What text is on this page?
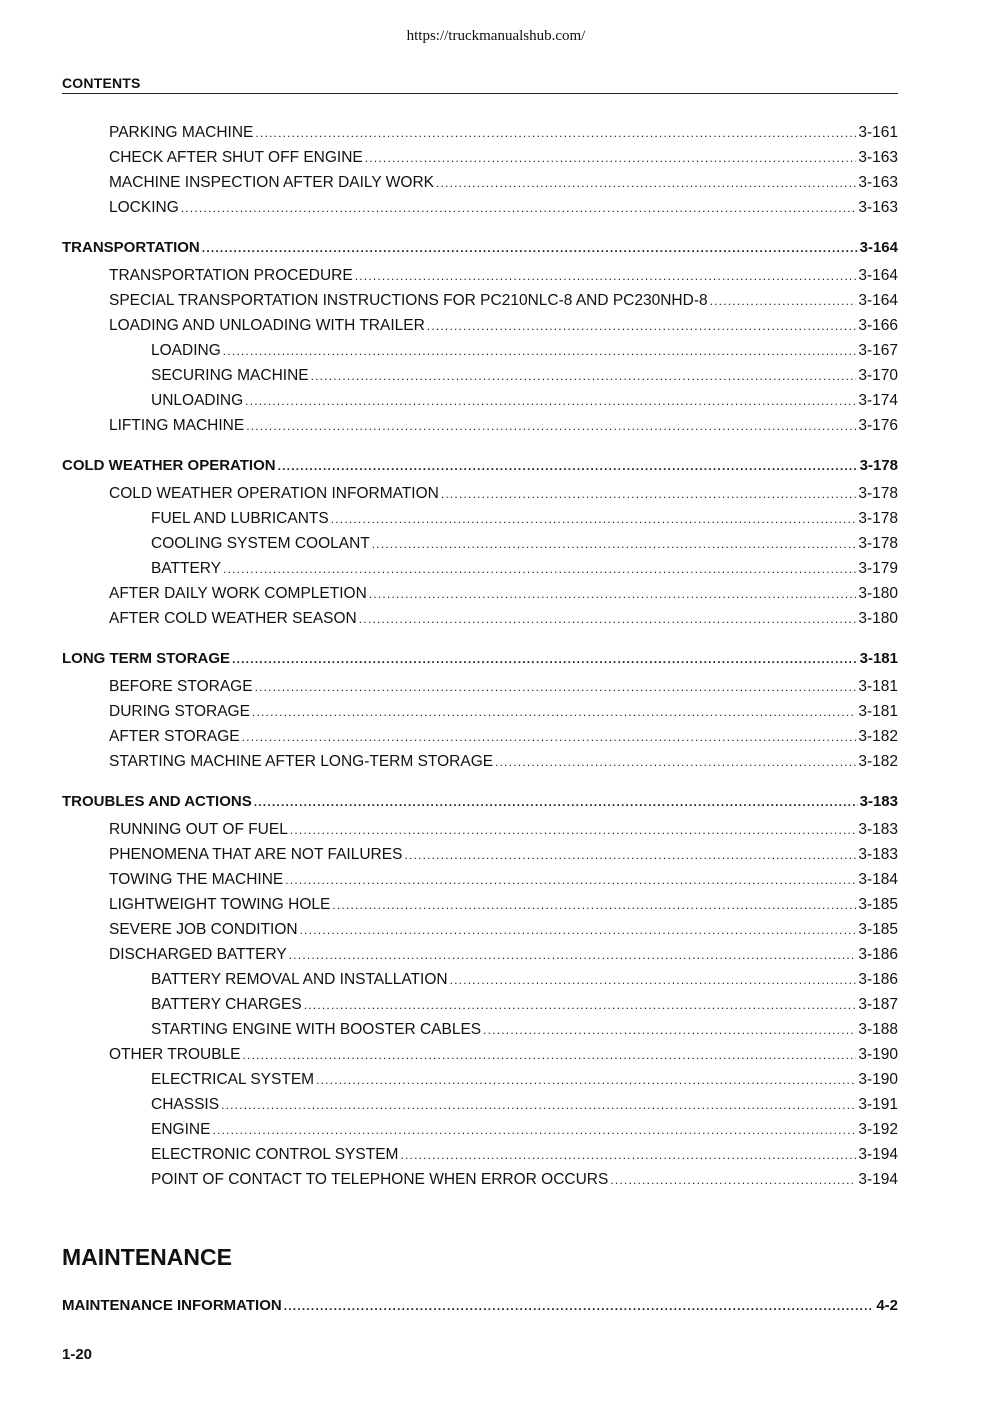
https://truckmanualshub.com/
CONTENTS
PARKING MACHINE .....	3-161
CHECK AFTER SHUT OFF ENGINE .....	3-163
MACHINE INSPECTION AFTER DAILY WORK .....	3-163
LOCKING .....	3-163
TRANSPORTATION .....	3-164
TRANSPORTATION PROCEDURE .....	3-164
SPECIAL TRANSPORTATION INSTRUCTIONS FOR PC210NLC-8 AND PC230NHD-8 .....	3-164
LOADING AND UNLOADING WITH TRAILER .....	3-166
LOADING .....	3-167
SECURING MACHINE .....	3-170
UNLOADING .....	3-174
LIFTING MACHINE .....	3-176
COLD WEATHER OPERATION .....	3-178
COLD WEATHER OPERATION INFORMATION .....	3-178
FUEL AND LUBRICANTS .....	3-178
COOLING SYSTEM COOLANT .....	3-178
BATTERY .....	3-179
AFTER DAILY WORK COMPLETION .....	3-180
AFTER COLD WEATHER SEASON .....	3-180
LONG TERM STORAGE .....	3-181
BEFORE STORAGE .....	3-181
DURING STORAGE .....	3-181
AFTER STORAGE .....	3-182
STARTING MACHINE AFTER LONG-TERM STORAGE .....	3-182
TROUBLES AND ACTIONS .....	3-183
RUNNING OUT OF FUEL .....	3-183
PHENOMENA THAT ARE NOT FAILURES .....	3-183
TOWING THE MACHINE .....	3-184
LIGHTWEIGHT TOWING HOLE .....	3-185
SEVERE JOB CONDITION .....	3-185
DISCHARGED BATTERY .....	3-186
BATTERY REMOVAL AND INSTALLATION .....	3-186
BATTERY CHARGES .....	3-187
STARTING ENGINE WITH BOOSTER CABLES .....	3-188
OTHER TROUBLE .....	3-190
ELECTRICAL SYSTEM .....	3-190
CHASSIS .....	3-191
ENGINE .....	3-192
ELECTRONIC CONTROL SYSTEM .....	3-194
POINT OF CONTACT TO TELEPHONE WHEN ERROR OCCURS .....	3-194
MAINTENANCE
MAINTENANCE INFORMATION .....	4-2
1-20
